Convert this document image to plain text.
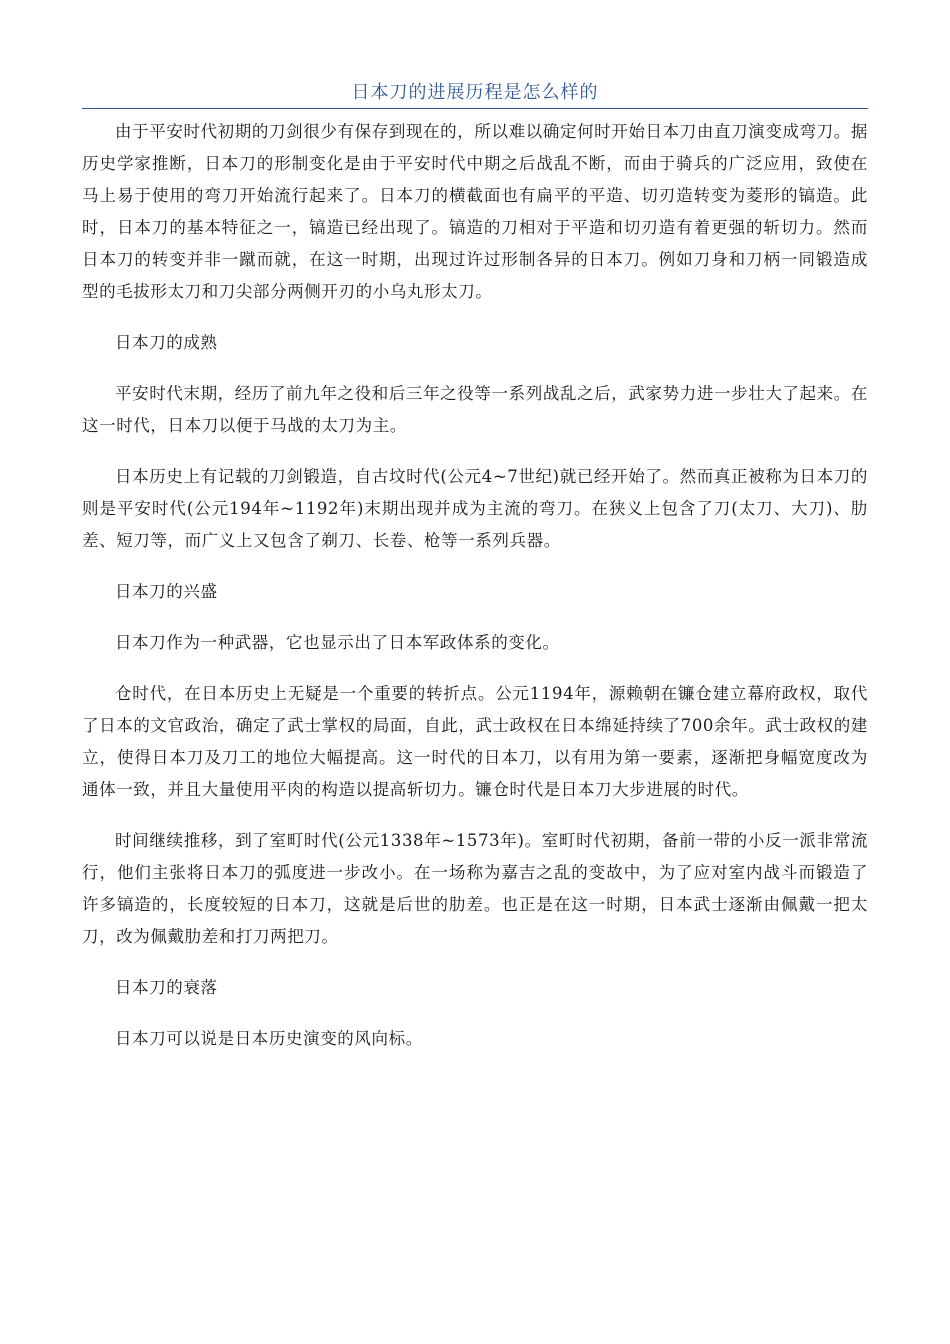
日本刀的进展历程是怎么样的

由于平安时代初期的刀剑很少有保存到现在的，所以难以确定何时开始日本刀由直刀演变成弯刀。据历史学家推断，日本刀的形制变化是由于平安时代中期之后战乱不断，而由于骑兵的广泛应用，致使在马上易于使用的弯刀开始流行起来了。日本刀的横截面也有扁平的平造、切刃造转变为菱形的镐造。此时，日本刀的基本特征之一，镐造已经出现了。镐造的刀相对于平造和切刃造有着更强的斩切力。然而日本刀的转变并非一蹴而就，在这一时期，出现过许过形制各异的日本刀。例如刀身和刀柄一同锻造成型的毛拔形太刀和刀尖部分两侧开刃的小乌丸形太刀。

日本刀的成熟

平安时代末期，经历了前九年之役和后三年之役等一系列战乱之后，武家势力进一步壮大了起来。在这一时代，日本刀以便于马战的太刀为主。

日本历史上有记载的刀剑锻造，自古坟时代(公元4~7世纪)就已经开始了。然而真正被称为日本刀的则是平安时代(公元194年~1192年)末期出现并成为主流的弯刀。在狭义上包含了刀(太刀、大刀)、肋差、短刀等，而广义上又包含了剃刀、长卷、枪等一系列兵器。

日本刀的兴盛

日本刀作为一种武器，它也显示出了日本军政体系的变化。

仓时代，在日本历史上无疑是一个重要的转折点。公元1194年，源赖朝在镰仓建立幕府政权，取代了日本的文官政治，确定了武士掌权的局面，自此，武士政权在日本绵延持续了700余年。武士政权的建立，使得日本刀及刀工的地位大幅提高。这一时代的日本刀，以有用为第一要素，逐渐把身幅宽度改为通体一致，并且大量使用平肉的构造以提高斩切力。镰仓时代是日本刀大步进展的时代。

时间继续推移，到了室町时代(公元1338年~1573年)。室町时代初期，备前一带的小反一派非常流行，他们主张将日本刀的弧度进一步改小。在一场称为嘉吉之乱的变故中，为了应对室内战斗而锻造了许多镐造的，长度较短的日本刀，这就是后世的肋差。也正是在这一时期，日本武士逐渐由佩戴一把太刀，改为佩戴肋差和打刀两把刀。

日本刀的衰落

日本刀可以说是日本历史演变的风向标。
